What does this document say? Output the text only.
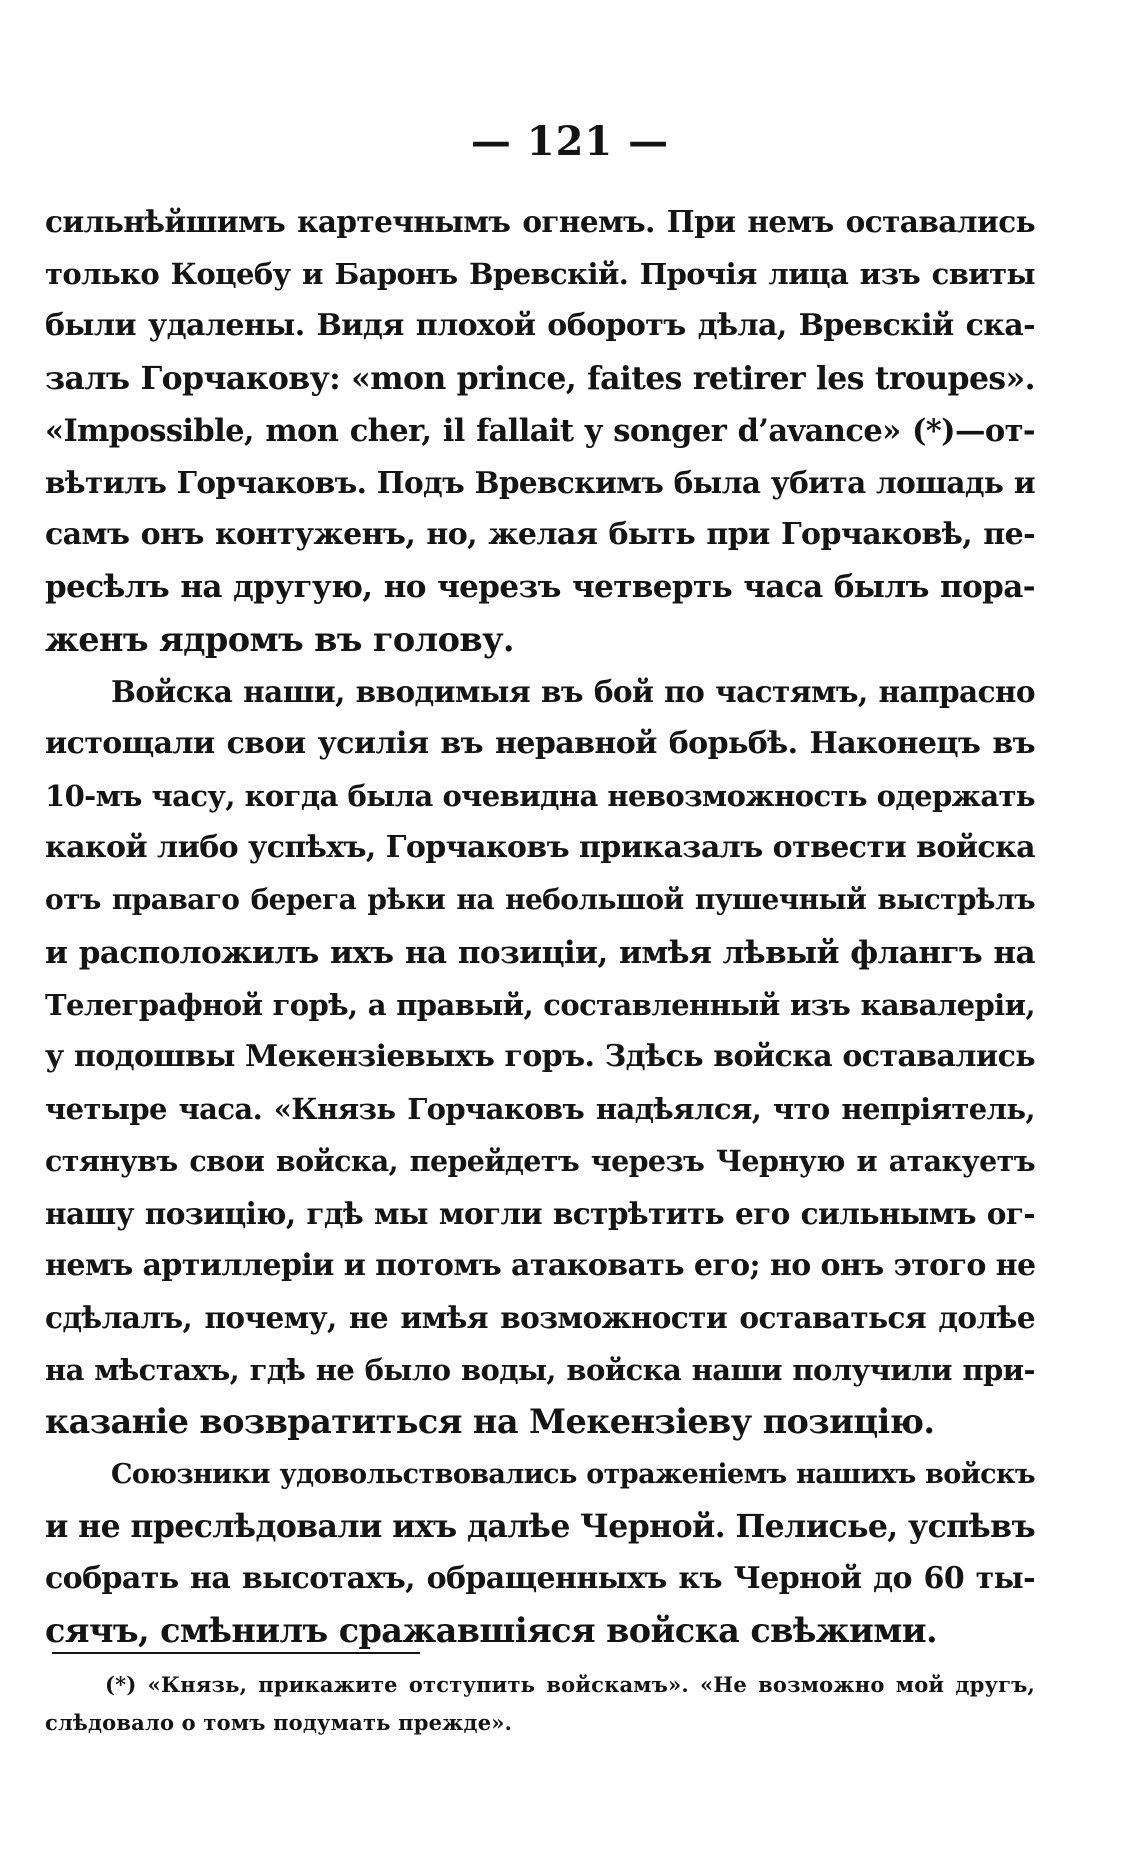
— 121 —
сильнѣйшимъ картечнымъ огнемъ. При немъ оставались
только Коцебу и Баронъ Вревскій. Прочія лица изъ свиты
были удалены. Видя плохой оборотъ дѣла, Вревскій ска-
залъ Горчакову: «mon prince, faites retirer les troupes».
«Impossible, mon cher, il fallait y songer d’avance» (*)—от-
вѣтилъ Горчаковъ. Подъ Вревскимъ была убита лошадь и
самъ онъ контуженъ, но, желая быть при Горчаковѣ, пе-
ресѣлъ на другую, но черезъ четверть часа былъ пора-
женъ ядромъ въ голову.
Войска наши, вводимыя въ бой по частямъ, напрасно
истощали свои усилія въ неравной борьбѣ. Наконецъ въ
10-мъ часу, когда была очевидна невозможность одержать
какой либо успѣхъ, Горчаковъ приказалъ отвести войска
отъ праваго берега рѣки на небольшой пушечный выстрѣлъ
и расположилъ ихъ на позиціи, имѣя лѣвый флангъ на
Телеграфной горѣ, а правый, составленный изъ кавалеріи,
у подошвы Мекензіевыхъ горъ. Здѣсь войска оставались
четыре часа. «Князь Горчаковъ надѣялся, что непріятель,
стянувъ свои войска, перейдетъ черезъ Черную и атакуетъ
нашу позицію, гдѣ мы могли встрѣтить его сильнымъ ог-
немъ артиллеріи и потомъ атаковать его; но онъ этого не
сдѣлалъ, почему, не имѣя возможности оставаться долѣе
на мѣстахъ, гдѣ не было воды, войска наши получили при-
казаніе возвратиться на Мекензіеву позицію.
Союзники удовольствовались отраженіемъ нашихъ войскъ
и не преслѣдовали ихъ далѣе Черной. Пелисье, успѣвъ
собрать на высотахъ, обращенныхъ къ Черной до 60 ты-
сячъ, смѣнилъ сражавшіяся войска свѣжими.
(*) «Князь, прикажите отступить войскамъ». «Не возможно мой другъ,
слѣдовало о томъ подумать прежде».
